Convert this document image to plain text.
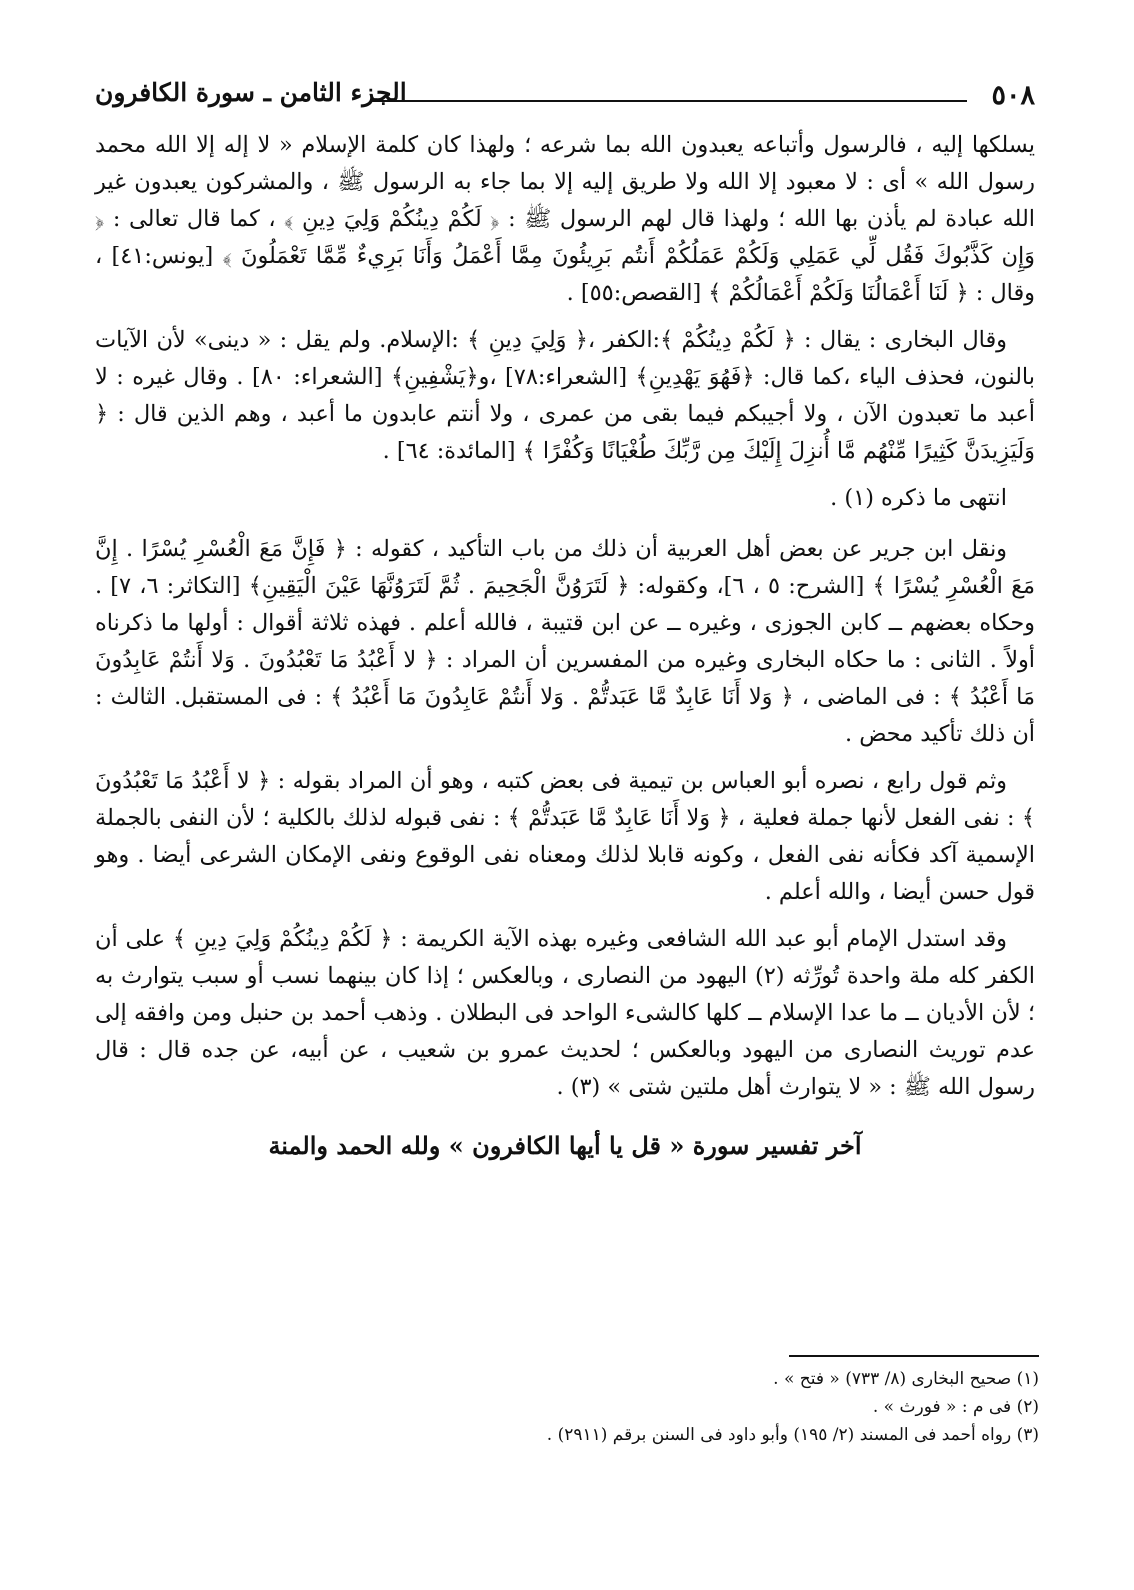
٥٠٨
الجزء الثامن ـ سورة الكافرون

يسلكها إليه ، فالرسول وأتباعه يعبدون الله بما شرعه ؛ ولهذا كان كلمة الإسلام « لا إله إلا الله محمد رسول الله » أى : لا معبود إلا الله ولا طريق إليه إلا بما جاء به الرسول ﷺ ، والمشركون يعبدون غير الله عبادة لم يأذن بها الله ؛ ولهذا قال لهم الرسول ﷺ : ﴿ لَكُمْ دِينُكُمْ وَلِيَ دِينِ ﴾ ، كما قال تعالى : ﴿ وَإِن كَذَّبُوكَ فَقُل لِّي عَمَلِي وَلَكُمْ عَمَلُكُمْ أَنتُم بَرِيئُونَ مِمَّا أَعْمَلُ وَأَنَا بَرِيءٌ مِّمَّا تَعْمَلُونَ ﴾ [يونس:٤١] ، وقال : ﴿ لَنَا أَعْمَالُنَا وَلَكُمْ أَعْمَالُكُمْ ﴾ [القصص:٥٥] .

وقال البخارى : يقال : ﴿ لَكُمْ دِينُكُمْ ﴾:الكفر ،﴿ وَلِيَ دِينِ ﴾ :الإسلام. ولم يقل : « دينى» لأن الآيات بالنون، فحذف الياء ،كما قال: ﴿فَهُوَ يَهْدِينِ﴾ [الشعراء:٧٨] ،و﴿يَشْفِينِ﴾ [الشعراء: ٨٠] . وقال غيره : لا أعبد ما تعبدون الآن ، ولا أجيبكم فيما بقى من عمرى ، ولا أنتم عابدون ما أعبد ، وهم الذين قال : ﴿ وَلَيَزِيدَنَّ كَثِيرًا مِّنْهُم مَّا أُنزِلَ إِلَيْكَ مِن رَّبِّكَ طُغْيَانًا وَكُفْرًا ﴾ [المائدة: ٦٤] .

انتهى ما ذكره (١) .

ونقل ابن جرير عن بعض أهل العربية أن ذلك من باب التأكيد ، كقوله : ﴿ فَإِنَّ مَعَ الْعُسْرِ يُسْرًا . إِنَّ مَعَ الْعُسْرِ يُسْرًا ﴾ [الشرح: ٥ ، ٦]، وكقوله: ﴿ لَتَرَوُنَّ الْجَحِيمَ . ثُمَّ لَتَرَوُنَّهَا عَيْنَ الْيَقِينِ﴾ [التكاثر: ٦، ٧] . وحكاه بعضهم ــ كابن الجوزى ، وغيره ــ عن ابن قتيبة ، فالله أعلم . فهذه ثلاثة أقوال : أولها ما ذكرناه أولاً . الثانى : ما حكاه البخارى وغيره من المفسرين أن المراد : ﴿ لا أَعْبُدُ مَا تَعْبُدُونَ . وَلا أَنتُمْ عَابِدُونَ مَا أَعْبُدُ ﴾ : فى الماضى ، ﴿ وَلا أَنَا عَابِدٌ مَّا عَبَدتُّمْ . وَلا أَنتُمْ عَابِدُونَ مَا أَعْبُدُ ﴾ : فى المستقبل. الثالث : أن ذلك تأكيد محض .

وثم قول رابع ، نصره أبو العباس بن تيمية فى بعض كتبه ، وهو أن المراد بقوله : ﴿ لا أَعْبُدُ مَا تَعْبُدُونَ ﴾ : نفى الفعل لأنها جملة فعلية ، ﴿ وَلا أَنَا عَابِدٌ مَّا عَبَدتُّمْ ﴾ : نفى قبوله لذلك بالكلية ؛ لأن النفى بالجملة الإسمية آكد فكأنه نفى الفعل ، وكونه قابلا لذلك ومعناه نفى الوقوع ونفى الإمكان الشرعى أيضا . وهو قول حسن أيضا ، والله أعلم .

وقد استدل الإمام أبو عبد الله الشافعى وغيره بهذه الآية الكريمة : ﴿ لَكُمْ دِينُكُمْ وَلِيَ دِينِ ﴾ على أن الكفر كله ملة واحدة تُورِّثه (٢) اليهود من النصارى ، وبالعكس ؛ إذا كان بينهما نسب أو سبب يتوارث به ؛ لأن الأديان ــ ما عدا الإسلام ــ كلها كالشىء الواحد فى البطلان . وذهب أحمد بن حنبل ومن وافقه إلى عدم توريث النصارى من اليهود وبالعكس ؛ لحديث عمرو بن شعيب ، عن أبيه، عن جده قال : قال رسول الله ﷺ : « لا يتوارث أهل ملتين شتى » (٣) .

آخر تفسير سورة « قل يا أيها الكافرون » ولله الحمد والمنة

(١) صحيح البخارى (٨/ ٧٣٣) « فتح » .

(٢) فى م : « فورث » .

(٣) رواه أحمد فى المسند (٢/ ١٩٥) وأبو داود فى السنن برقم (٢٩١١) .
